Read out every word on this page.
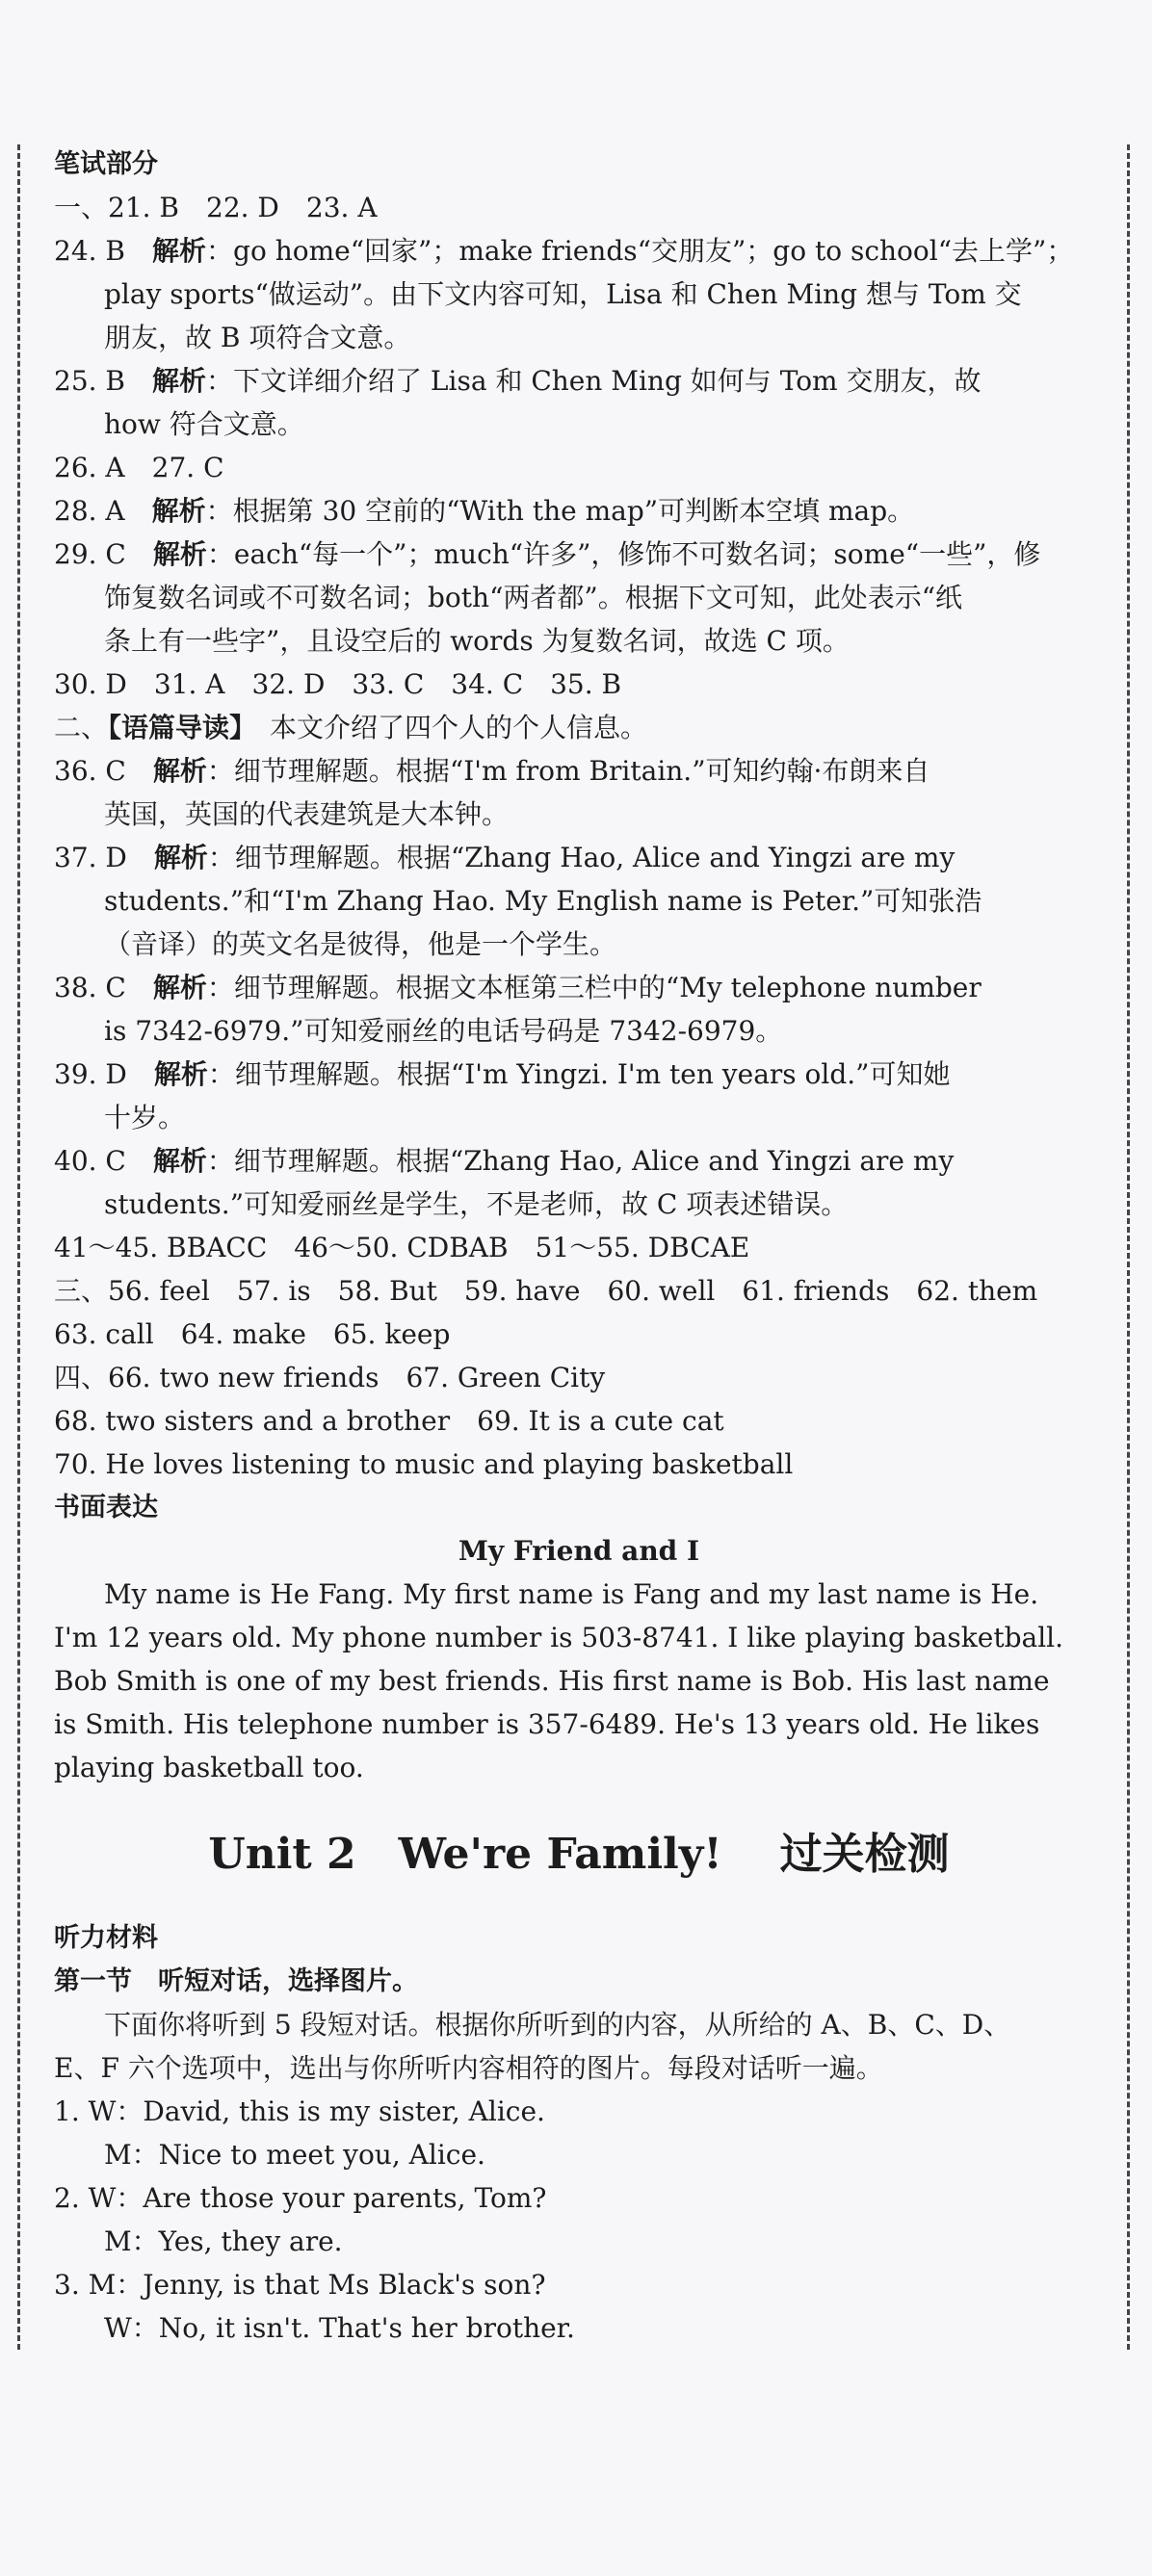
笔试部分
一、21. B　22. D　23. A
24. B 解析：go home“回家”；make friends“交朋友”；go to school“去上学”；
play sports“做运动”。由下文内容可知，Lisa 和 Chen Ming 想与 Tom 交
朋友，故 B 项符合文意。
25. B 解析：下文详细介绍了 Lisa 和 Chen Ming 如何与 Tom 交朋友，故
how 符合文意。
26. A　27. C
28. A 解析：根据第 30 空前的“With the map”可判断本空填 map。
29. C 解析：each“每一个”；much“许多”，修饰不可数名词；some“一些”，修
饰复数名词或不可数名词；both“两者都”。根据下文可知，此处表示“纸
条上有一些字”，且设空后的 words 为复数名词，故选 C 项。
30. D　31. A　32. D　33. C　34. C　35. B
二、【语篇导读】　本文介绍了四个人的个人信息。
36. C 解析：细节理解题。根据“I'm from Britain.”可知约翰·布朗来自
英国，英国的代表建筑是大本钟。
37. D 解析：细节理解题。根据“Zhang Hao, Alice and Yingzi are my
students.”和“I'm Zhang Hao. My English name is Peter.”可知张浩
（音译）的英文名是彼得，他是一个学生。
38. C 解析：细节理解题。根据文本框第三栏中的“My telephone number
is 7342-6979.”可知爱丽丝的电话号码是 7342-6979。
39. D 解析：细节理解题。根据“I'm Yingzi. I'm ten years old.”可知她
十岁。
40. C 解析：细节理解题。根据“Zhang Hao, Alice and Yingzi are my
students.”可知爱丽丝是学生，不是老师，故 C 项表述错误。
41～45. BBACC　46～50. CDBAB　51～55. DBCAE
三、56. feel　57. is　58. But　59. have　60. well　61. friends　62. them
63. call　64. make　65. keep
四、66. two new friends　67. Green City
68. two sisters and a brother　69. It is a cute cat
70. He loves listening to music and playing basketball
书面表达
My Friend and I
My name is He Fang. My first name is Fang and my last name is He.
I'm 12 years old. My phone number is 503-8741. I like playing basketball.
Bob Smith is one of my best friends. His first name is Bob. His last name
is Smith. His telephone number is 357-6489. He's 13 years old. He likes
playing basketball too.
Unit 2　We're Family! 过关检测
听力材料
第一节　听短对话，选择图片。
下面你将听到 5 段短对话。根据你所听到的内容，从所给的 A、B、C、D、
E、F 六个选项中，选出与你所听内容相符的图片。每段对话听一遍。
1. W：David, this is my sister, Alice.
M：Nice to meet you, Alice.
2. W：Are those your parents, Tom?
M：Yes, they are.
3. M：Jenny, is that Ms Black's son?
W：No, it isn't. That's her brother.
